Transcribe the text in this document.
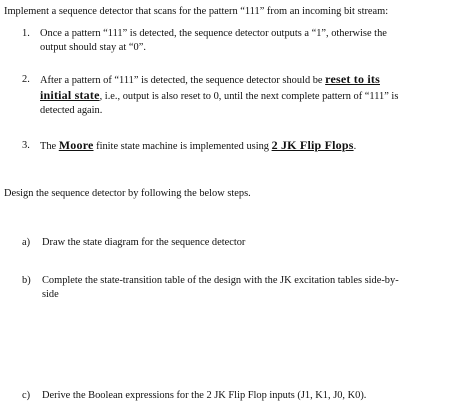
Implement a sequence detector that scans for the pattern “111” from an incoming bit stream:
1. Once a pattern “111” is detected, the sequence detector outputs a “1”, otherwise the
output should stay at “0”.
2. After a pattern of “111” is detected, the sequence detector should be reset to its
initial state, i.e., output is also reset to 0, until the next complete pattern of “111” is
detected again.
3. The Moore finite state machine is implemented using 2 JK Flip Flops.
Design the sequence detector by following the below steps.
a) Draw the state diagram for the sequence detector
b) Complete the state-transition table of the design with the JK excitation tables side-by-
side
c) Derive the Boolean expressions for the 2 JK Flip Flop inputs (J1, K1, J0, K0).
